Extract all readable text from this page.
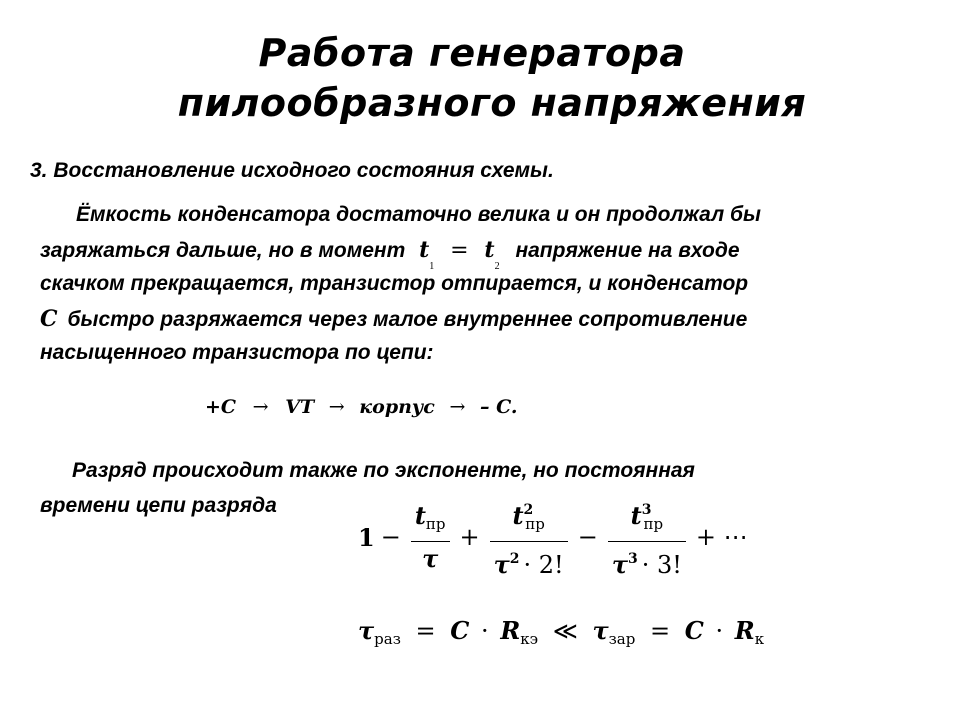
Работа генератора
пилообразного напряжения
3. Восстановление исходного состояния схемы.
Ёмкость конденсатора достаточно велика и он продолжал бы
заряжаться дальше, но в момент $t_1 = t_2$ напряжение на входе
скачком прекращается, транзистор отпирается, и конденсатор
C быстро разряжается через малое внутреннее сопротивление
насыщенного транзистора по цепи:
+C → VT → корпус → – C.
Разряд происходит также по экспоненте, но постоянная
времени цепи разряда
$1 - \frac{t_{пр}}{\tau} + \frac{t^2_{пр}}{\tau^2 \cdot 2!} - \frac{t^3_{пр}}{\tau^3 \cdot 3!}$ + ⋯
$\tau_{раз} = C \cdot R_{кэ}$ ≪ $\tau_{зар} = C \cdot R_к$
